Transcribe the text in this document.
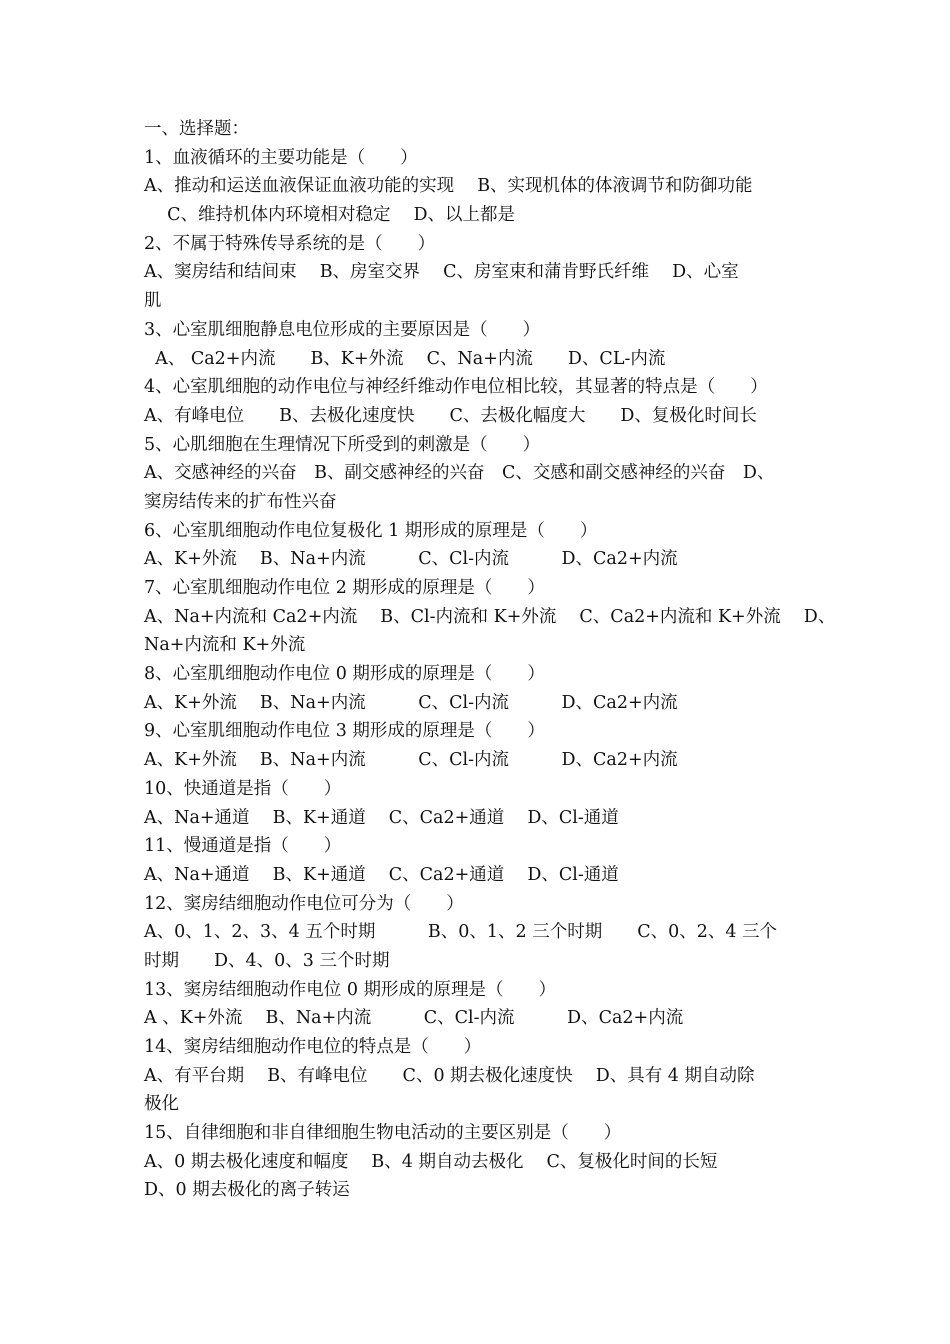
一、选择题：
1、血液循环的主要功能是（　　）
A、推动和运送血液保证血液功能的实现　 B、实现机体的体液调节和防御功能
　 C、维持机体内环境相对稳定　 D、以上都是
2、不属于特殊传导系统的是（　　）
A、窦房结和结间束　 B、房室交界　 C、房室束和蒲肯野氏纤维　 D、心室
肌
3、心室肌细胞静息电位形成的主要原因是（　　）
A、 Ca2+内流　　B、K+外流　 C、Na+内流　　D、CL-内流
4、心室肌细胞的动作电位与神经纤维动作电位相比较，其显著的特点是（　　）
A、有峰电位　　B、去极化速度快　　C、去极化幅度大　　D、复极化时间长
5、心肌细胞在生理情况下所受到的刺激是（　　）
A、交感神经的兴奋　B、副交感神经的兴奋　C、交感和副交感神经的兴奋　D、
窦房结传来的扩布性兴奋
6、心室肌细胞动作电位复极化 1 期形成的原理是（　　）
A、K+外流　 B、Na+内流　　　C、Cl-内流　　　D、Ca2+内流
7、心室肌细胞动作电位 2 期形成的原理是（　　）
A、Na+内流和 Ca2+内流　 B、Cl-内流和 K+外流　 C、Ca2+内流和 K+外流　 D、
Na+内流和 K+外流
8、心室肌细胞动作电位 0 期形成的原理是（　　）
A、K+外流　 B、Na+内流　　　C、Cl-内流　　　D、Ca2+内流
9、心室肌细胞动作电位 3 期形成的原理是（　　）
A、K+外流　 B、Na+内流　　　C、Cl-内流　　　D、Ca2+内流
10、快通道是指（　　）
A、Na+通道　 B、K+通道　 C、Ca2+通道　 D、Cl-通道
11、慢通道是指（　　）
A、Na+通道　 B、K+通道　 C、Ca2+通道　 D、Cl-通道
12、窦房结细胞动作电位可分为（　　）
A、0、1、2、3、4 五个时期　　　B、0、1、2 三个时期　　C、0、2、4 三个
时期　　D、4、0、3 三个时期
13、窦房结细胞动作电位 0 期形成的原理是（　　）
A 、K+外流　 B、Na+内流　　　C、Cl-内流　　　D、Ca2+内流
14、窦房结细胞动作电位的特点是（　　）
A、有平台期　 B、有峰电位　　C、0 期去极化速度快　 D、具有 4 期自动除
极化
15、自律细胞和非自律细胞生物电活动的主要区别是（　　）
A、0 期去极化速度和幅度　 B、4 期自动去极化　 C、复极化时间的长短
D、0 期去极化的离子转运
